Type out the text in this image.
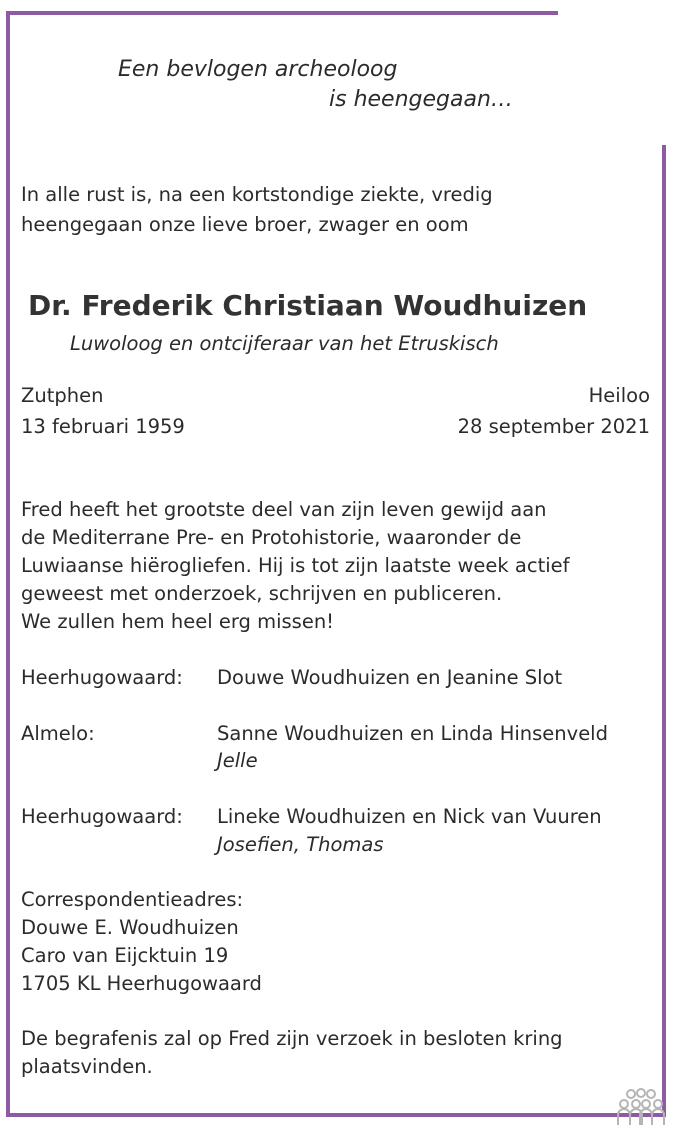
Een bevlogen archeoloog
is heengegaan…
In alle rust is, na een kortstondige ziekte, vredig
heengegaan onze lieve broer, zwager en oom
Dr. Frederik Christiaan Woudhuizen
Luwoloog en ontcijferaar van het Etruskisch
Zutphen
13 februari 1959
Heiloo
28 september 2021
Fred heeft het grootste deel van zijn leven gewijd aan
de Mediterrane Pre- en Protohistorie, waaronder de
Luwiaanse hiërogliefen. Hij is tot zijn laatste week actief
geweest met onderzoek, schrijven en publiceren.
We zullen hem heel erg missen!
Heerhugowaard: Douwe Woudhuizen en Jeanine Slot
Almelo:	Sanne Woudhuizen en Linda Hinsenveld
Jelle
Heerhugowaard: Lineke Woudhuizen en Nick van Vuuren
Josefien, Thomas
Correspondentieadres:
Douwe E. Woudhuizen
Caro van Eijcktuin 19
1705 KL Heerhugowaard
De begrafenis zal op Fred zijn verzoek in besloten kring
plaatsvinden.
